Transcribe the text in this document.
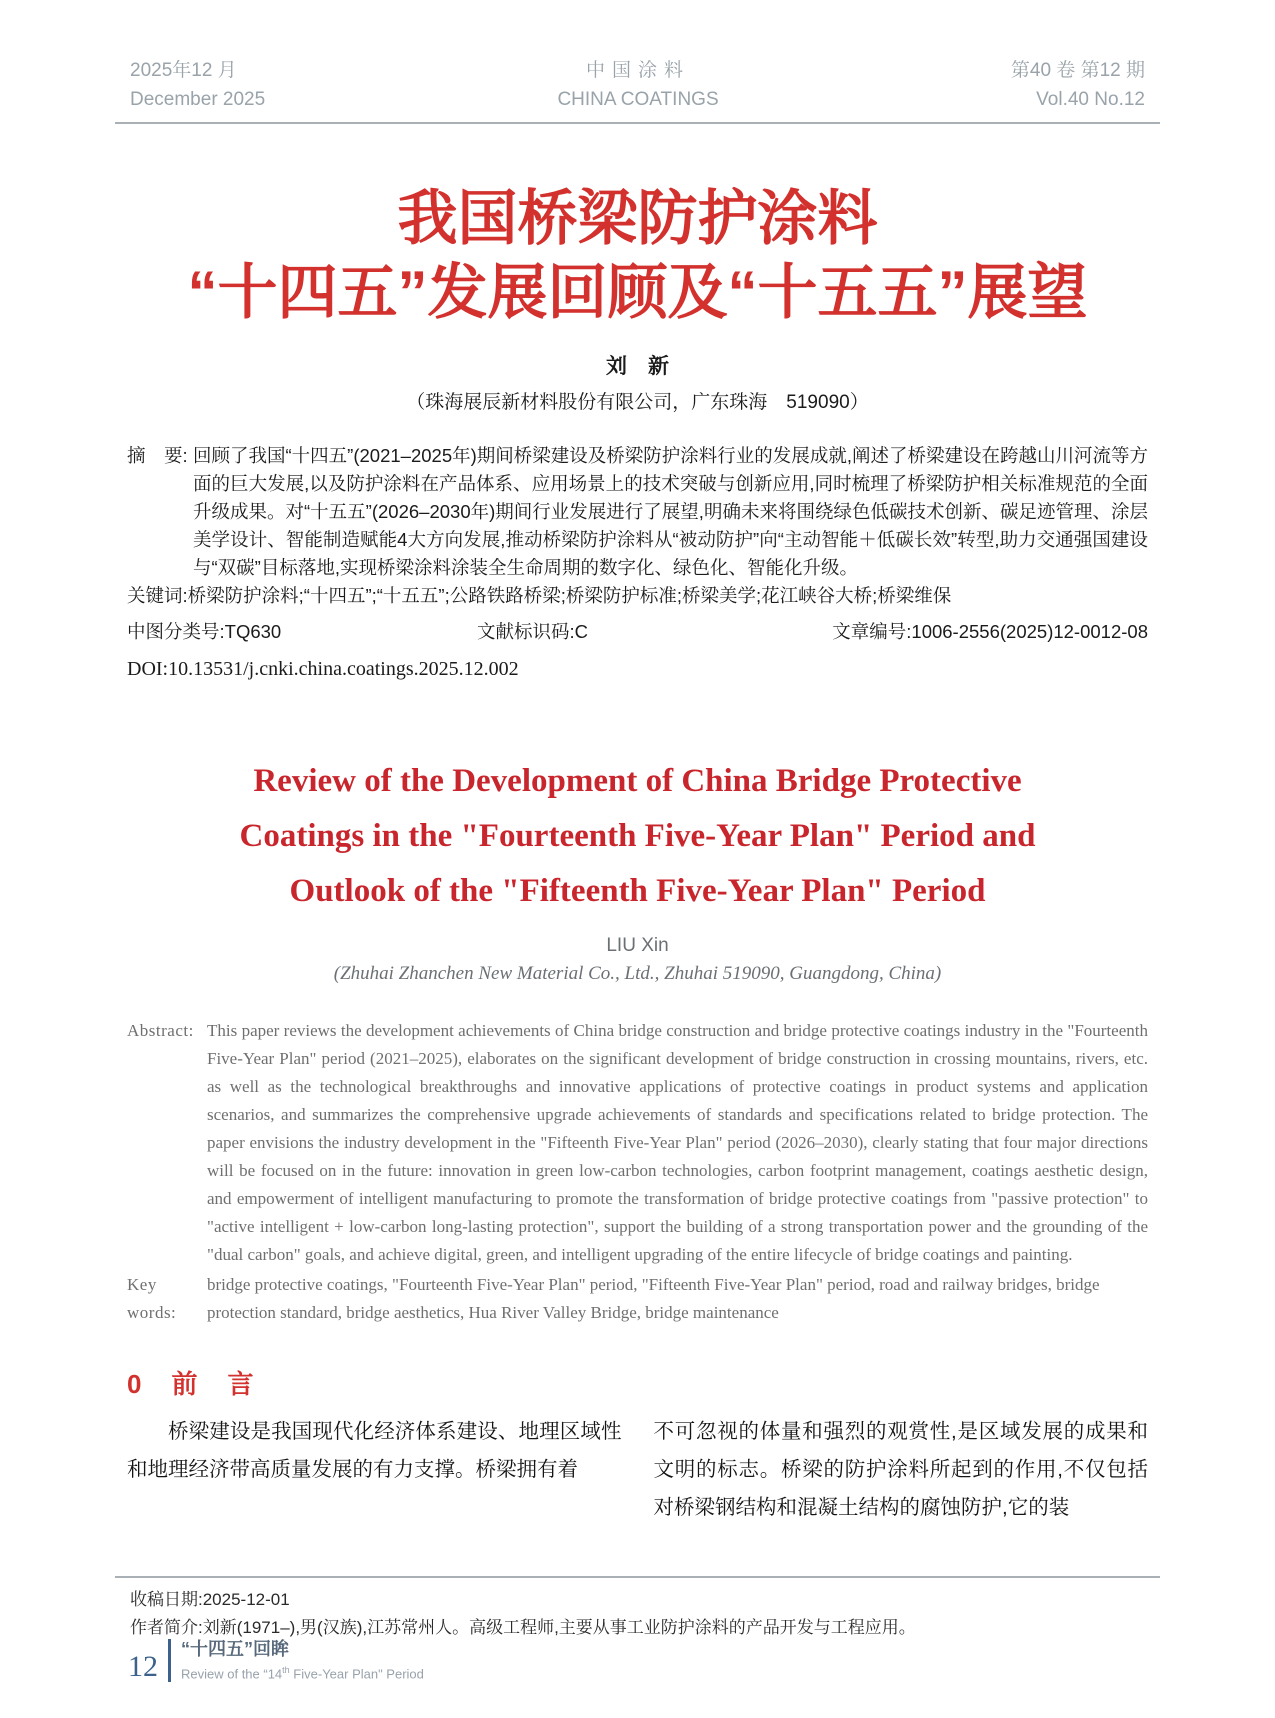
2025年12 月
December 2025
中国涂料
CHINA COATINGS
第40 卷 第12 期
Vol.40 No.12
我国桥梁防护涂料
“十四五”发展回顾及“十五五”展望
刘　新
（珠海展辰新材料股份有限公司，广东珠海　519090）
摘　要: 回顾了我国“十四五”(2021–2025年)期间桥梁建设及桥梁防护涂料行业的发展成就,阐述了桥梁建设在跨越山川河流等方面的巨大发展,以及防护涂料在产品体系、应用场景上的技术突破与创新应用,同时梳理了桥梁防护相关标准规范的全面升级成果。对“十五五”(2026–2030年)期间行业发展进行了展望,明确未来将围绕绿色低碳技术创新、碳足迹管理、涂层美学设计、智能制造赋能4大方向发展,推动桥梁防护涂料从“被动防护”向“主动智能＋低碳长效”转型,助力交通强国建设与“双碳”目标落地,实现桥梁涂料涂装全生命周期的数字化、绿色化、智能化升级。
关键词:桥梁防护涂料;“十四五”;“十五五”;公路铁路桥梁;桥梁防护标准;桥梁美学;花江峡谷大桥;桥梁维保
中图分类号:TQ630	文献标识码:C	文章编号:1006-2556(2025)12-0012-08
DOI:10.13531/j.cnki.china.coatings.2025.12.002
Review of the Development of China Bridge Protective
Coatings in the "Fourteenth Five-Year Plan" Period and
Outlook of the "Fifteenth Five-Year Plan" Period
LIU Xin
(Zhuhai Zhanchen New Material Co., Ltd., Zhuhai 519090, Guangdong, China)
Abstract: This paper reviews the development achievements of China bridge construction and bridge protective coatings industry in the "Fourteenth Five-Year Plan" period (2021–2025), elaborates on the significant development of bridge construction in crossing mountains, rivers, etc. as well as the technological breakthroughs and innovative applications of protective coatings in product systems and application scenarios, and summarizes the comprehensive upgrade achievements of standards and specifications related to bridge protection. The paper envisions the industry development in the "Fifteenth Five-Year Plan" period (2026–2030), clearly stating that four major directions will be focused on in the future: innovation in green low-carbon technologies, carbon footprint management, coatings aesthetic design, and empowerment of intelligent manufacturing to promote the transformation of bridge protective coatings from "passive protection" to "active intelligent + low-carbon long-lasting protection", support the building of a strong transportation power and the grounding of the "dual carbon" goals, and achieve digital, green, and intelligent upgrading of the entire lifecycle of bridge coatings and painting.
Key words:
bridge protective coatings, "Fourteenth Five-Year Plan" period, "Fifteenth Five-Year Plan" period, road and railway bridges, bridge protection standard, bridge aesthetics, Hua River Valley Bridge, bridge maintenance
0　前　言

桥梁建设是我国现代化经济体系建设、地理区域性和地理经济带高质量发展的有力支撑。桥梁拥有着

不可忽视的体量和强烈的观赏性,是区域发展的成果和文明的标志。桥梁的防护涂料所起到的作用,不仅包括对桥梁钢结构和混凝土结构的腐蚀防护,它的装

收稿日期:2025-12-01
作者简介:刘新(1971–),男(汉族),江苏常州人。高级工程师,主要从事工业防护涂料的产品开发与工程应用。
12
“十四五”回眸
Review of the “14th Five-Year Plan" Period
